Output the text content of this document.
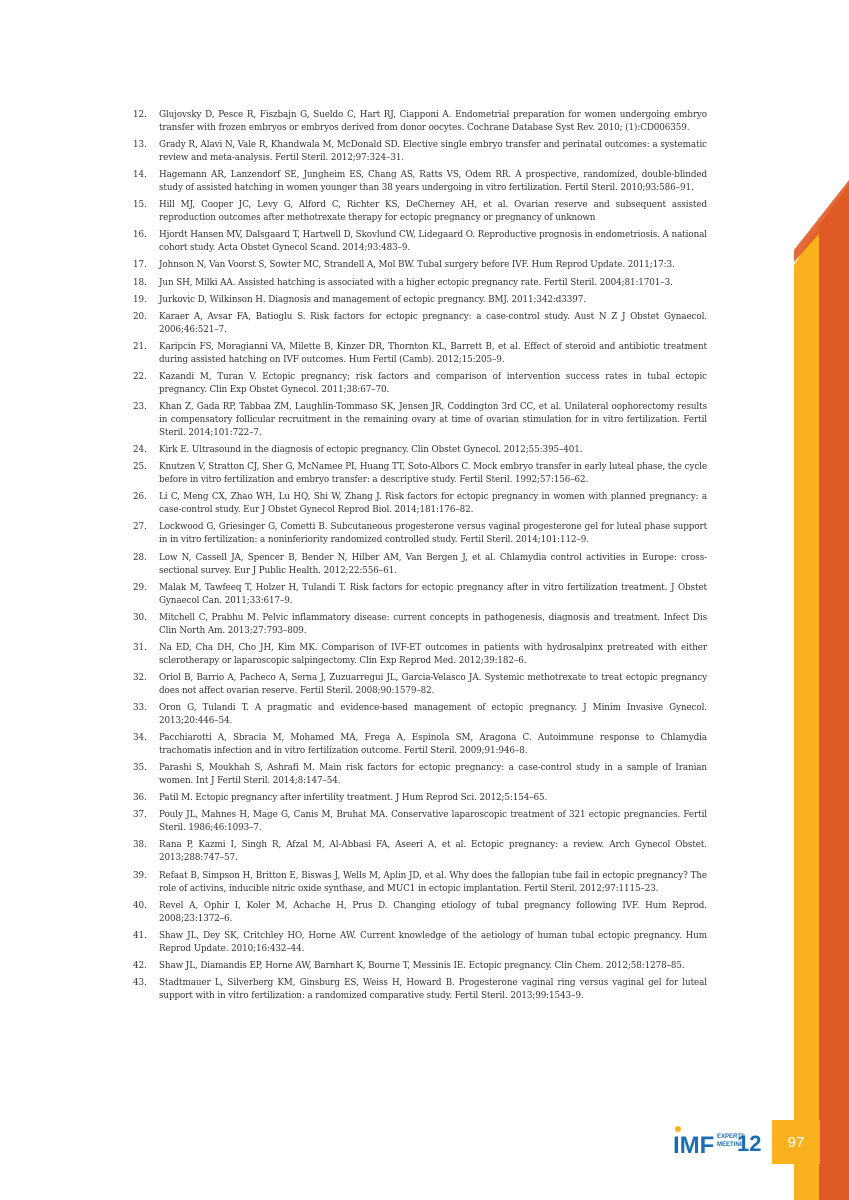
12. Glujovsky D, Pesce R, Fiszbajn G, Sueldo C, Hart RJ, Ciapponi A. Endometrial preparation for women undergoing embryo transfer with frozen embryos or embryos derived from donor oocytes. Cochrane Database Syst Rev. 2010; (1):CD006359.
13. Grady R, Alavi N, Vale R, Khandwala M, McDonald SD. Elective single embryo transfer and perinatal outcomes: a systematic review and meta-analysis. Fertil Steril. 2012;97:324–31.
14. Hagemann AR, Lanzendorf SE, Jungheim ES, Chang AS, Ratts VS, Odem RR. A prospective, randomized, double-blinded study of assisted hatching in women younger than 38 years undergoing in vitro fertilization. Fertil Steril. 2010;93:586–91.
15. Hill MJ, Cooper JC, Levy G, Alford C, Richter KS, DeCherney AH, et al. Ovarian reserve and subsequent assisted reproduction outcomes after methotrexate therapy for ectopic pregnancy or pregnancy of unknown
16. Hjordt Hansen MV, Dalsgaard T, Hartwell D, Skovlund CW, Lidegaard O. Reproductive prognosis in endometriosis. A national cohort study. Acta Obstet Gynecol Scand. 2014;93:483–9.
17. Johnson N, Van Voorst S, Sowter MC, Strandell A, Mol BW. Tubal surgery before IVF. Hum Reprod Update. 2011;17:3.
18. Jun SH, Milki AA. Assisted hatching is associated with a higher ectopic pregnancy rate. Fertil Steril. 2004;81:1701–3.
19. Jurkovic D, Wilkinson H. Diagnosis and management of ectopic pregnancy. BMJ. 2011;342:d3397.
20. Karaer A, Avsar FA, Batioglu S. Risk factors for ectopic pregnancy: a case-control study. Aust N Z J Obstet Gynaecol. 2006;46:521–7.
21. Karipcin FS, Moragianni VA, Milette B, Kinzer DR, Thornton KL, Barrett B, et al. Effect of steroid and antibiotic treatment during assisted hatching on IVF outcomes. Hum Fertil (Camb). 2012;15:205–9.
22. Kazandi M, Turan V. Ectopic pregnancy; risk factors and comparison of intervention success rates in tubal ectopic pregnancy. Clin Exp Obstet Gynecol. 2011;38:67–70.
23. Khan Z, Gada RP, Tabbaa ZM, Laughlin-Tommaso SK, Jensen JR, Coddington 3rd CC, et al. Unilateral oophorectomy results in compensatory follicular recruitment in the remaining ovary at time of ovarian stimulation for in vitro fertilization. Fertil Steril. 2014;101:722–7.
24. Kirk E. Ultrasound in the diagnosis of ectopic pregnancy. Clin Obstet Gynecol. 2012;55:395–401.
25. Knutzen V, Stratton CJ, Sher G, McNamee PI, Huang TT, Soto-Albors C. Mock embryo transfer in early luteal phase, the cycle before in vitro fertilization and embryo transfer: a descriptive study. Fertil Steril. 1992;57:156–62.
26. Li C, Meng CX, Zhao WH, Lu HQ, Shi W, Zhang J. Risk factors for ectopic pregnancy in women with planned pregnancy: a case-control study. Eur J Obstet Gynecol Reprod Biol. 2014;181:176–82.
27. Lockwood G, Griesinger G, Cometti B. Subcutaneous progesterone versus vaginal progesterone gel for luteal phase support in in vitro fertilization: a noninferiority randomized controlled study. Fertil Steril. 2014;101:112–9.
28. Low N, Cassell JA, Spencer B, Bender N, Hilber AM, Van Bergen J, et al. Chlamydia control activities in Europe: cross-sectional survey. Eur J Public Health. 2012;22:556–61.
29. Malak M, Tawfeeq T, Holzer H, Tulandi T. Risk factors for ectopic pregnancy after in vitro fertilization treatment. J Obstet Gynaecol Can. 2011;33:617–9.
30. Mitchell C, Prabhu M. Pelvic inflammatory disease: current concepts in pathogenesis, diagnosis and treatment. Infect Dis Clin North Am. 2013;27:793–809.
31. Na ED, Cha DH, Cho JH, Kim MK. Comparison of IVF-ET outcomes in patients with hydrosalpinx pretreated with either sclerotherapy or laparoscopic salpingectomy. Clin Exp Reprod Med. 2012;39:182–6.
32. Oriol B, Barrio A, Pacheco A, Serna J, Zuzuarregui JL, Garcia-Velasco JA. Systemic methotrexate to treat ectopic pregnancy does not affect ovarian reserve. Fertil Steril. 2008;90:1579–82.
33. Oron G, Tulandi T. A pragmatic and evidence-based management of ectopic pregnancy. J Minim Invasive Gynecol. 2013;20:446–54.
34. Pacchiarotti A, Sbracia M, Mohamed MA, Frega A, Espinola SM, Aragona C. Autoimmune response to Chlamydia trachomatis infection and in vitro fertilization outcome. Fertil Steril. 2009;91:946–8.
35. Parashi S, Moukhah S, Ashrafi M. Main risk factors for ectopic pregnancy: a case-control study in a sample of Iranian women. Int J Fertil Steril. 2014;8:147–54.
36. Patil M. Ectopic pregnancy after infertility treatment. J Hum Reprod Sci. 2012;5:154–65.
37. Pouly JL, Mahnes H, Mage G, Canis M, Bruhat MA. Conservative laparoscopic treatment of 321 ectopic pregnancies. Fertil Steril. 1986;46:1093–7.
38. Rana P, Kazmi I, Singh R, Afzal M, Al-Abbasi FA, Aseeri A, et al. Ectopic pregnancy: a review. Arch Gynecol Obstet. 2013;288:747–57.
39. Refaat B, Simpson H, Britton E, Biswas J, Wells M, Aplin JD, et al. Why does the fallopian tube fail in ectopic pregnancy? The role of activins, inducible nitric oxide synthase, and MUC1 in ectopic implantation. Fertil Steril. 2012;97:1115–23.
40. Revel A, Ophir I, Koler M, Achache H, Prus D. Changing etiology of tubal pregnancy following IVF. Hum Reprod. 2008;23:1372–6.
41. Shaw JL, Dey SK, Critchley HO, Horne AW. Current knowledge of the aetiology of human tubal ectopic pregnancy. Hum Reprod Update. 2010;16:432–44.
42. Shaw JL, Diamandis EP, Horne AW, Barnhart K, Bourne T, Messinis IE. Ectopic pregnancy. Clin Chem. 2012;58:1278–85.
43. Stadtmauer L, Silverberg KM, Ginsburg ES, Weiss H, Howard B. Progesterone vaginal ring versus vaginal gel for luteal support with in vitro fertilization: a randomized comparative study. Fertil Steril. 2013;99:1543–9.
IMF EXPERTS
MEETING
12	97
